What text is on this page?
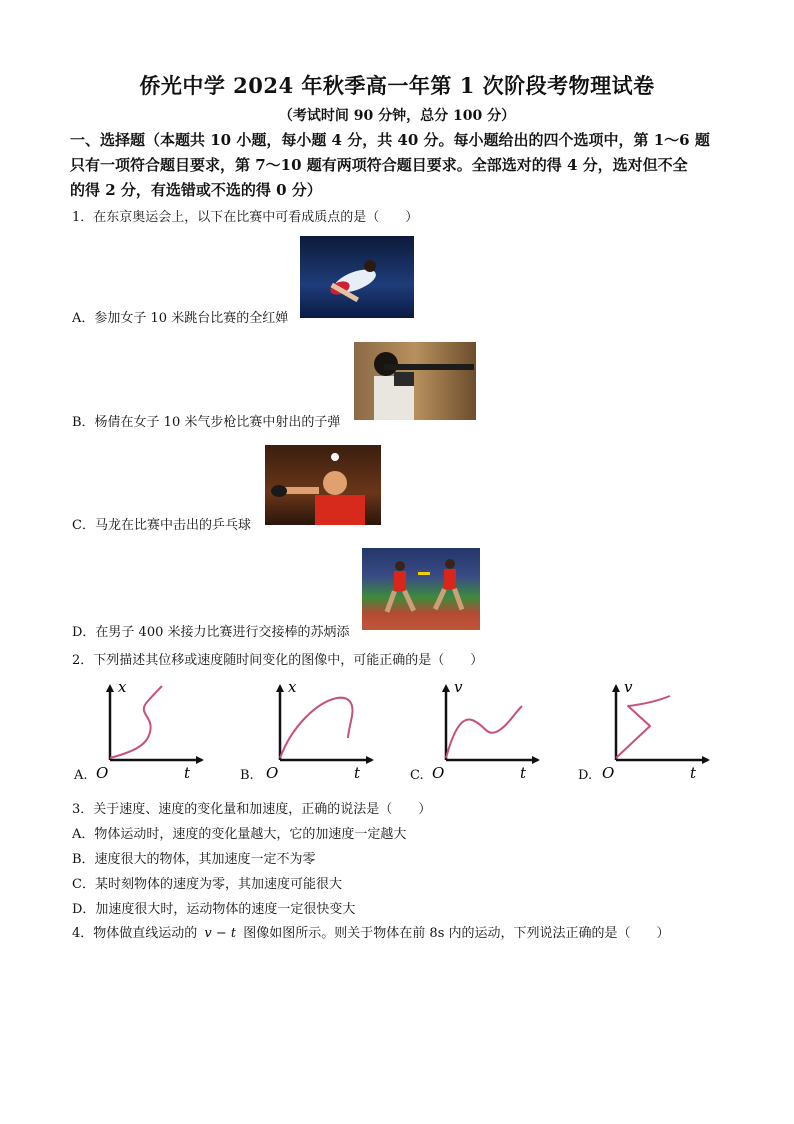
侨光中学 2024 年秋季高一年第 1 次阶段考物理试卷
（考试时间 90 分钟，总分 100 分）
一、选择题（本题共 10 小题，每小题 4 分，共 40 分。每小题给出的四个选项中，第 1～6 题
只有一项符合题目要求，第 7～10 题有两项符合题目要求。全部选对的得 4 分，选对但不全
的得 2 分，有选错或不选的得 0 分）
1．在东京奥运会上，以下在比赛中可看成质点的是（　　）
A．参加女子 10 米跳台比赛的全红婵
B．杨倩在女子 10 米气步枪比赛中射出的子弹
C．马龙在比赛中击出的乒乓球
D．在男子 400 米接力比赛进行交接棒的苏炳添
2．下列描述其位移或速度随时间变化的图像中，可能正确的是（　　）
A.
x
O	t	B.
x
O	t	C.
v
O	t	D.
v
O	t
3．关于速度、速度的变化量和加速度，正确的说法是（　　）
A．物体运动时，速度的变化量越大，它的加速度一定越大
B．速度很大的物体，其加速度一定不为零
C．某时刻物体的速度为零，其加速度可能很大
D．加速度很大时，运动物体的速度一定很快变大
4．物体做直线运动的 v − t 图像如图所示。则关于物体在前 8s 内的运动，下列说法正确的是（　　）
